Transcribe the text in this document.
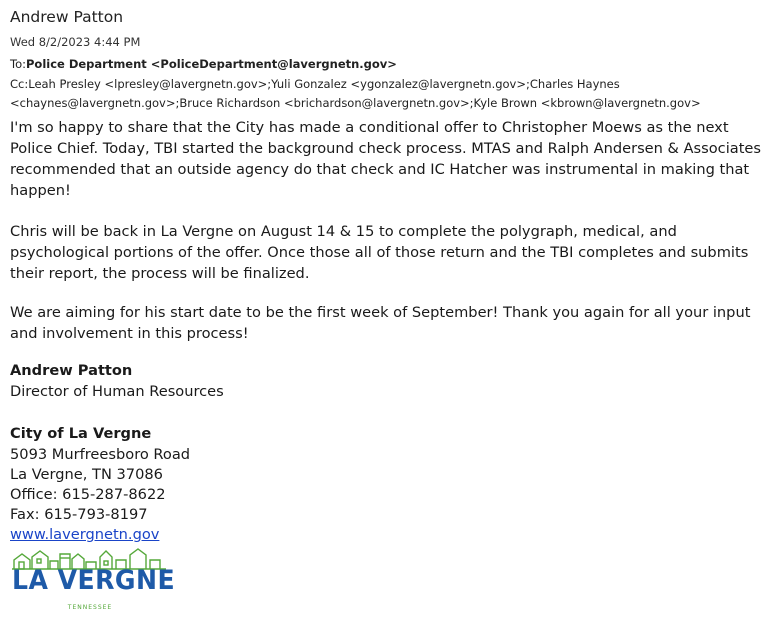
Andrew Patton
Wed 8/2/2023 4:44 PM
To:Police Department <PoliceDepartment@lavergnetn.gov>
Cc:Leah Presley <lpresley@lavergnetn.gov>;Yuli Gonzalez <ygonzalez@lavergnetn.gov>;Charles Haynes
<chaynes@lavergnetn.gov>;Bruce Richardson <brichardson@lavergnetn.gov>;Kyle Brown <kbrown@lavergnetn.gov>
I'm so happy to share that the City has made a conditional offer to Christopher Moews as the next Police Chief. Today, TBI started the background check process. MTAS and Ralph Andersen & Associates recommended that an outside agency do that check and IC Hatcher was instrumental in making that happen!
Chris will be back in La Vergne on August 14 & 15 to complete the polygraph, medical, and psychological portions of the offer. Once those all of those return and the TBI completes and submits their report, the process will be finalized.
We are aiming for his start date to be the first week of September! Thank you again for all your input and involvement in this process!
Andrew Patton
Director of Human Resources
City of La Vergne
5093 Murfreesboro Road
La Vergne, TN 37086
Office: 615-287-8622
Fax: 615-793-8197
www.lavergnetn.gov
LA VERGNE
TENNESSEE
